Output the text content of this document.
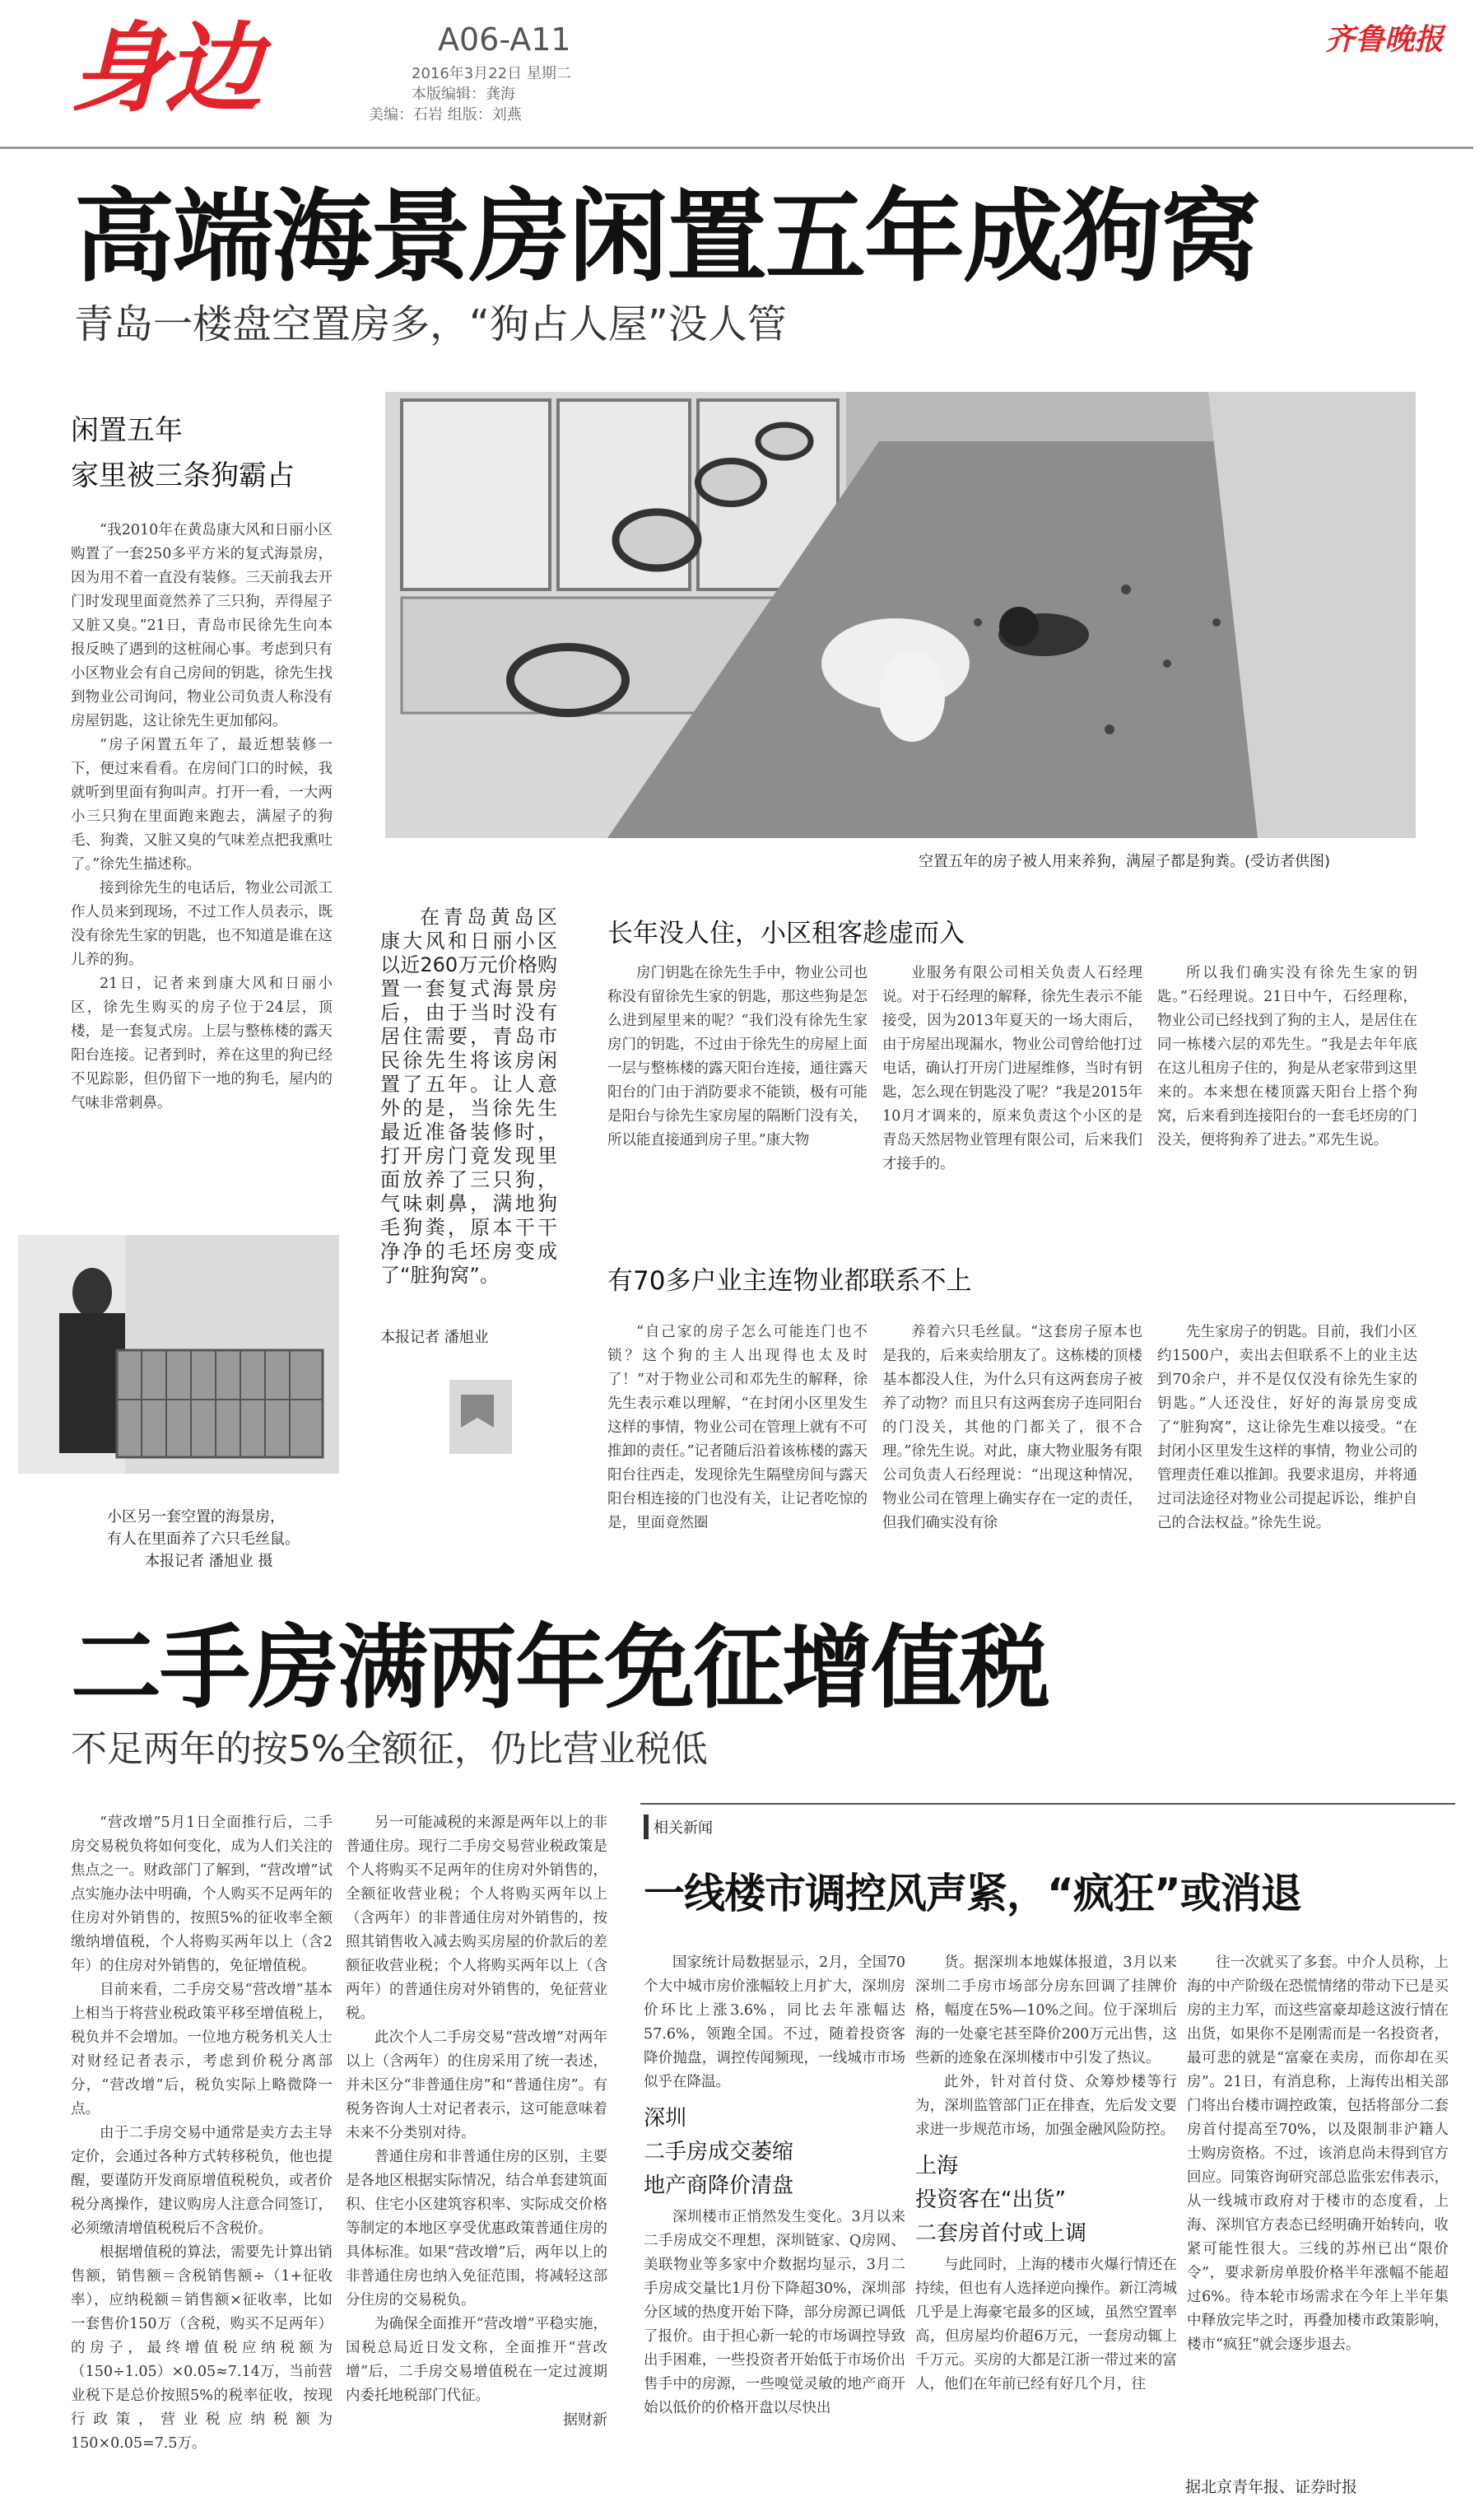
身边	A06-A11
2016年3月22日 星期二
本版编辑：龚海
美编：石岩 组版：刘燕
齐鲁晚报
高端海景房闲置五年成狗窝
青岛一楼盘空置房多，“狗占人屋”没人管
闲置五年
家里被三条狗霸占

“我2010年在黄岛康大风和日丽小区购置了一套250多平方米的复式海景房，因为用不着一直没有装修。三天前我去开门时发现里面竟然养了三只狗，弄得屋子又脏又臭。”21日，青岛市民徐先生向本报反映了遇到的这桩闹心事。考虑到只有小区物业会有自己房间的钥匙，徐先生找到物业公司询问，物业公司负责人称没有房屋钥匙，这让徐先生更加郁闷。

“房子闲置五年了，最近想装修一下，便过来看看。在房间门口的时候，我就听到里面有狗叫声。打开一看，一大两小三只狗在里面跑来跑去，满屋子的狗毛、狗粪，又脏又臭的气味差点把我熏吐了。”徐先生描述称。

接到徐先生的电话后，物业公司派工作人员来到现场，不过工作人员表示，既没有徐先生家的钥匙，也不知道是谁在这儿养的狗。

21日，记者来到康大风和日丽小区，徐先生购买的房子位于24层，顶楼，是一套复式房。上层与整栋楼的露天阳台连接。记者到时，养在这里的狗已经不见踪影，但仍留下一地的狗毛，屋内的气味非常刺鼻。

空置五年的房子被人用来养狗，满屋子都是狗粪。(受访者供图)
在青岛黄岛区康大风和日丽小区以近260万元价格购置一套复式海景房后，由于当时没有居住需要，青岛市民徐先生将该房闲置了五年。让人意外的是，当徐先生最近准备装修时，打开房门竟发现里面放养了三只狗，气味刺鼻，满地狗毛狗粪，原本干干净净的毛坯房变成了“脏狗窝”。
本报记者 潘旭业
小区另一套空置的海景房，
有人在里面养了六只毛丝鼠。
本报记者 潘旭业 摄
长年没人住，小区租客趁虚而入

房门钥匙在徐先生手中，物业公司也称没有留徐先生家的钥匙，那这些狗是怎么进到屋里来的呢？“我们没有徐先生家房门的钥匙，不过由于徐先生的房屋上面一层与整栋楼的露天阳台连接，通往露天阳台的门由于消防要求不能锁，极有可能是阳台与徐先生家房屋的隔断门没有关，所以能直接通到房子里。”康大物

业服务有限公司相关负责人石经理说。对于石经理的解释，徐先生表示不能接受，因为2013年夏天的一场大雨后，由于房屋出现漏水，物业公司曾给他打过电话，确认打开房门进屋维修，当时有钥匙，怎么现在钥匙没了呢？“我是2015年10月才调来的，原来负责这个小区的是青岛天然居物业管理有限公司，后来我们才接手的。

所以我们确实没有徐先生家的钥匙。”石经理说。21日中午，石经理称，物业公司已经找到了狗的主人，是居住在同一栋楼六层的邓先生。“我是去年年底在这儿租房子住的，狗是从老家带到这里来的。本来想在楼顶露天阳台上搭个狗窝，后来看到连接阳台的一套毛坯房的门没关，便将狗养了进去。”邓先生说。

有70多户业主连物业都联系不上

“自己家的房子怎么可能连门也不锁？这个狗的主人出现得也太及时了！”对于物业公司和邓先生的解释，徐先生表示难以理解，“在封闭小区里发生这样的事情，物业公司在管理上就有不可推卸的责任。”记者随后沿着该栋楼的露天阳台往西走，发现徐先生隔壁房间与露天阳台相连接的门也没有关，让记者吃惊的是，里面竟然圈

养着六只毛丝鼠。“这套房子原本也是我的，后来卖给朋友了。这栋楼的顶楼基本都没人住，为什么只有这两套房子被养了动物？而且只有这两套房子连同阳台的门没关，其他的门都关了，很不合理。”徐先生说。对此，康大物业服务有限公司负责人石经理说：“出现这种情况，物业公司在管理上确实存在一定的责任，但我们确实没有徐

先生家房子的钥匙。目前，我们小区约1500户，卖出去但联系不上的业主达到70余户，并不是仅仅没有徐先生家的钥匙。”人还没住，好好的海景房变成了“脏狗窝”，这让徐先生难以接受。“在封闭小区里发生这样的事情，物业公司的管理责任难以推卸。我要求退房，并将通过司法途径对物业公司提起诉讼，维护自己的合法权益。”徐先生说。

二手房满两年免征增值税
不足两年的按5%全额征，仍比营业税低

“营改增”5月1日全面推行后，二手房交易税负将如何变化，成为人们关注的焦点之一。财政部门了解到，“营改增”试点实施办法中明确，个人购买不足两年的住房对外销售的，按照5%的征收率全额缴纳增值税，个人将购买两年以上（含2年）的住房对外销售的，免征增值税。

目前来看，二手房交易“营改增”基本上相当于将营业税政策平移至增值税上，税负并不会增加。一位地方税务机关人士对财经记者表示，考虑到价税分离部分，“营改增”后，税负实际上略微降一点。

由于二手房交易中通常是卖方去主导定价，会通过各种方式转移税负，他也提醒，要谨防开发商原增值税税负，或者价税分离操作，建议购房人注意合同签订，必须缴清增值税税后不含税价。

根据增值税的算法，需要先计算出销售额，销售额＝含税销售额÷（1+征收率），应纳税额＝销售额×征收率，比如一套售价150万（含税，购买不足两年）的房子，最终增值税应纳税额为（150÷1.05）×0.05≈7.14万，当前营业税下是总价按照5%的税率征收，按现行政策，营业税应纳税额为150×0.05=7.5万。

另一可能减税的来源是两年以上的非普通住房。现行二手房交易营业税政策是个人将购买不足两年的住房对外销售的，全额征收营业税；个人将购买两年以上（含两年）的非普通住房对外销售的，按照其销售收入减去购买房屋的价款后的差额征收营业税；个人将购买两年以上（含两年）的普通住房对外销售的，免征营业税。

此次个人二手房交易“营改增”对两年以上（含两年）的住房采用了统一表述，并未区分“非普通住房”和“普通住房”。有税务咨询人士对记者表示，这可能意味着未来不分类别对待。

普通住房和非普通住房的区别，主要是各地区根据实际情况，结合单套建筑面积、住宅小区建筑容积率、实际成交价格等制定的本地区享受优惠政策普通住房的具体标准。如果“营改增”后，两年以上的非普通住房也纳入免征范围，将减轻这部分住房的交易税负。

为确保全面推开“营改增”平稳实施，国税总局近日发文称，全面推开“营改增”后，二手房交易增值税在一定过渡期内委托地税部门代征。

据财新
相关新闻
一线楼市调控风声紧，“疯狂”或消退

国家统计局数据显示，2月，全国70个大中城市房价涨幅较上月扩大，深圳房价环比上涨3.6%，同比去年涨幅达57.6%，领跑全国。不过，随着投资客降价抛盘，调控传闻频现，一线城市市场似乎在降温。

深圳
二手房成交萎缩
地产商降价清盘

深圳楼市正悄然发生变化。3月以来二手房成交不理想，深圳链家、Q房网、美联物业等多家中介数据均显示，3月二手房成交量比1月份下降超30%，深圳部分区域的热度开始下降，部分房源已调低了报价。由于担心新一轮的市场调控导致出手困难，一些投资者开始低于市场价出售手中的房源，一些嗅觉灵敏的地产商开始以低价的价格开盘以尽快出

货。据深圳本地媒体报道，3月以来深圳二手房市场部分房东回调了挂牌价格，幅度在5%—10%之间。位于深圳后海的一处豪宅甚至降价200万元出售，这些新的迹象在深圳楼市中引发了热议。

此外，针对首付贷、众筹炒楼等行为，深圳监管部门正在排查，先后发文要求进一步规范市场，加强金融风险防控。

上海
投资客在“出货”
二套房首付或上调

与此同时，上海的楼市火爆行情还在持续，但也有人选择逆向操作。新江湾城几乎是上海豪宅最多的区域，虽然空置率高，但房屋均价超6万元，一套房动辄上千万元。买房的大都是江浙一带过来的富人，他们在年前已经有好几个月，往

往一次就买了多套。中介人员称，上海的中产阶级在恐慌情绪的带动下已是买房的主力军，而这些富豪却趁这波行情在出货，如果你不是刚需而是一名投资者，最可悲的就是“富豪在卖房，而你却在买房”。21日，有消息称，上海传出相关部门将出台楼市调控政策，包括将部分二套房首付提高至70%，以及限制非沪籍人士购房资格。不过，该消息尚未得到官方回应。同策咨询研究部总监张宏伟表示，从一线城市政府对于楼市的态度看，上海、深圳官方表态已经明确开始转向，收紧可能性很大。三线的苏州已出“限价令”，要求新房单股价格半年涨幅不能超过6%。待本轮市场需求在今年上半年集中释放完毕之时，再叠加楼市政策影响，楼市“疯狂”就会逐步退去。

据北京青年报、证券时报
